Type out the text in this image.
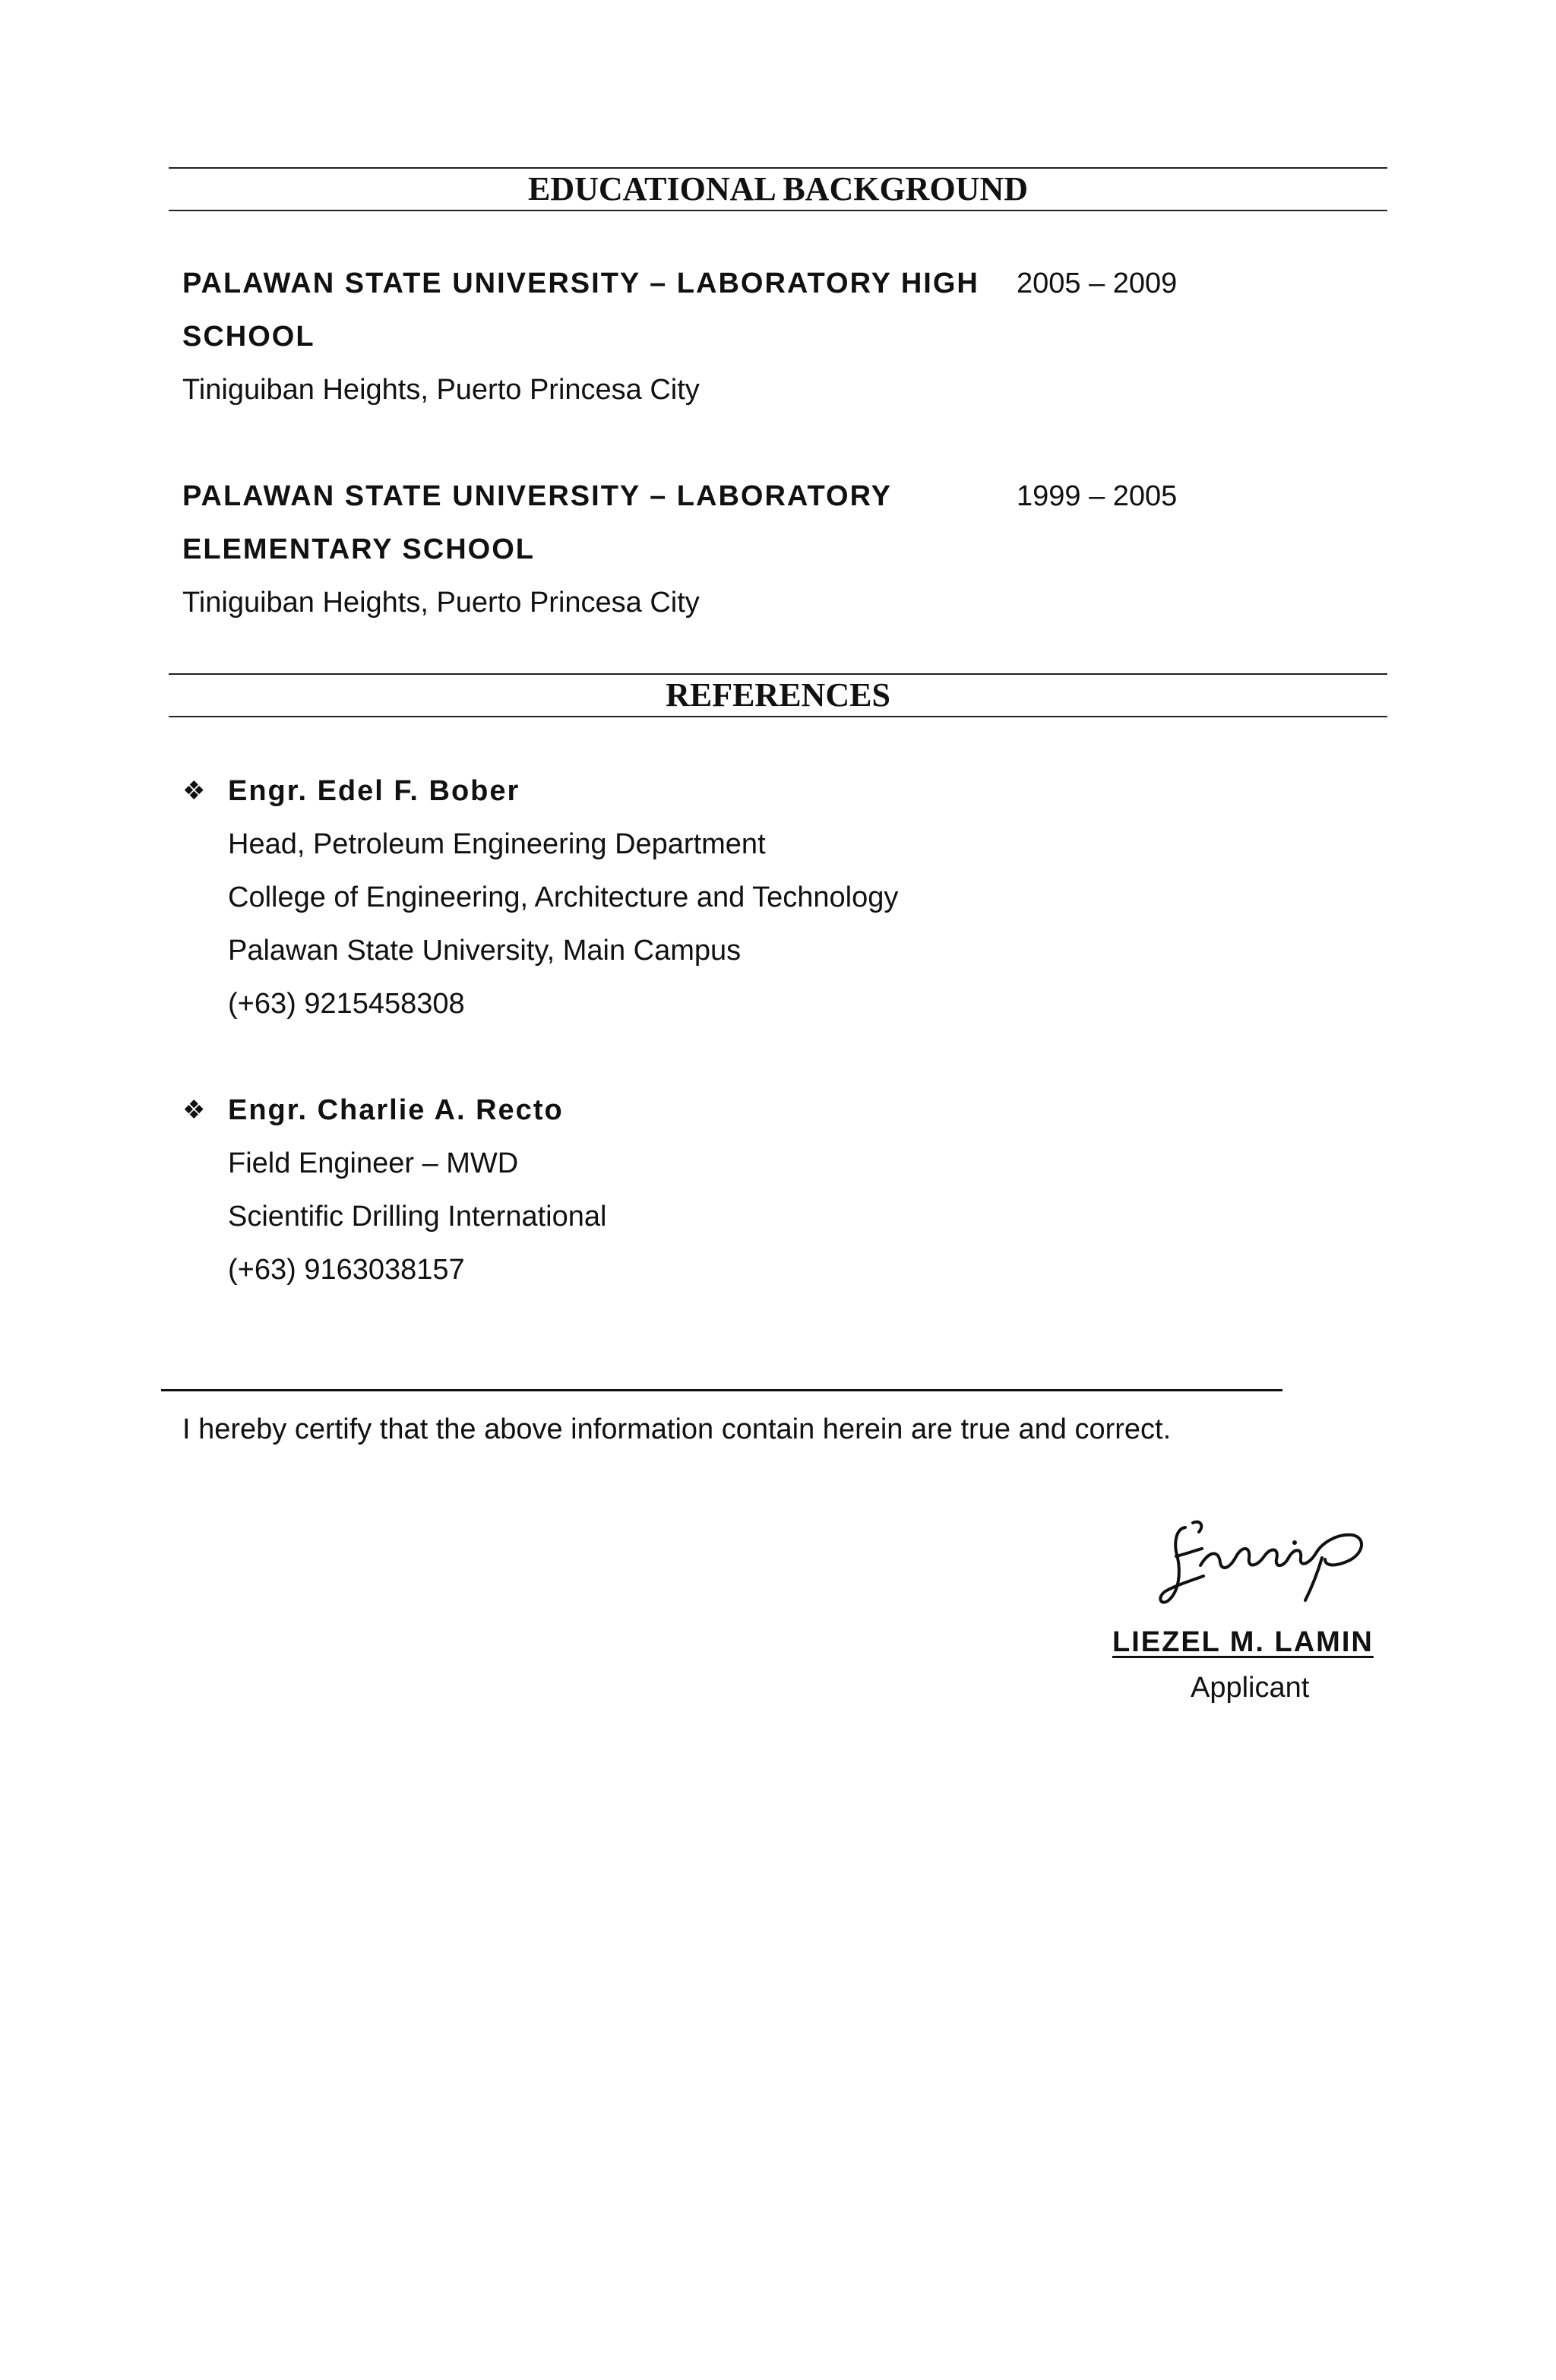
EDUCATIONAL BACKGROUND
PALAWAN STATE UNIVERSITY – LABORATORY HIGH SCHOOL
2005 – 2009
Tiniguiban Heights, Puerto Princesa City
PALAWAN STATE UNIVERSITY – LABORATORY ELEMENTARY SCHOOL
1999 – 2005
Tiniguiban Heights, Puerto Princesa City
REFERENCES
❖ Engr. Edel F. Bober
Head, Petroleum Engineering Department
College of Engineering, Architecture and Technology
Palawan State University, Main Campus
(+63) 9215458308
❖ Engr. Charlie A. Recto
Field Engineer – MWD
Scientific Drilling International
(+63) 9163038157
I hereby certify that the above information contain herein are true and correct.
LIEZEL M. LAMIN
Applicant
